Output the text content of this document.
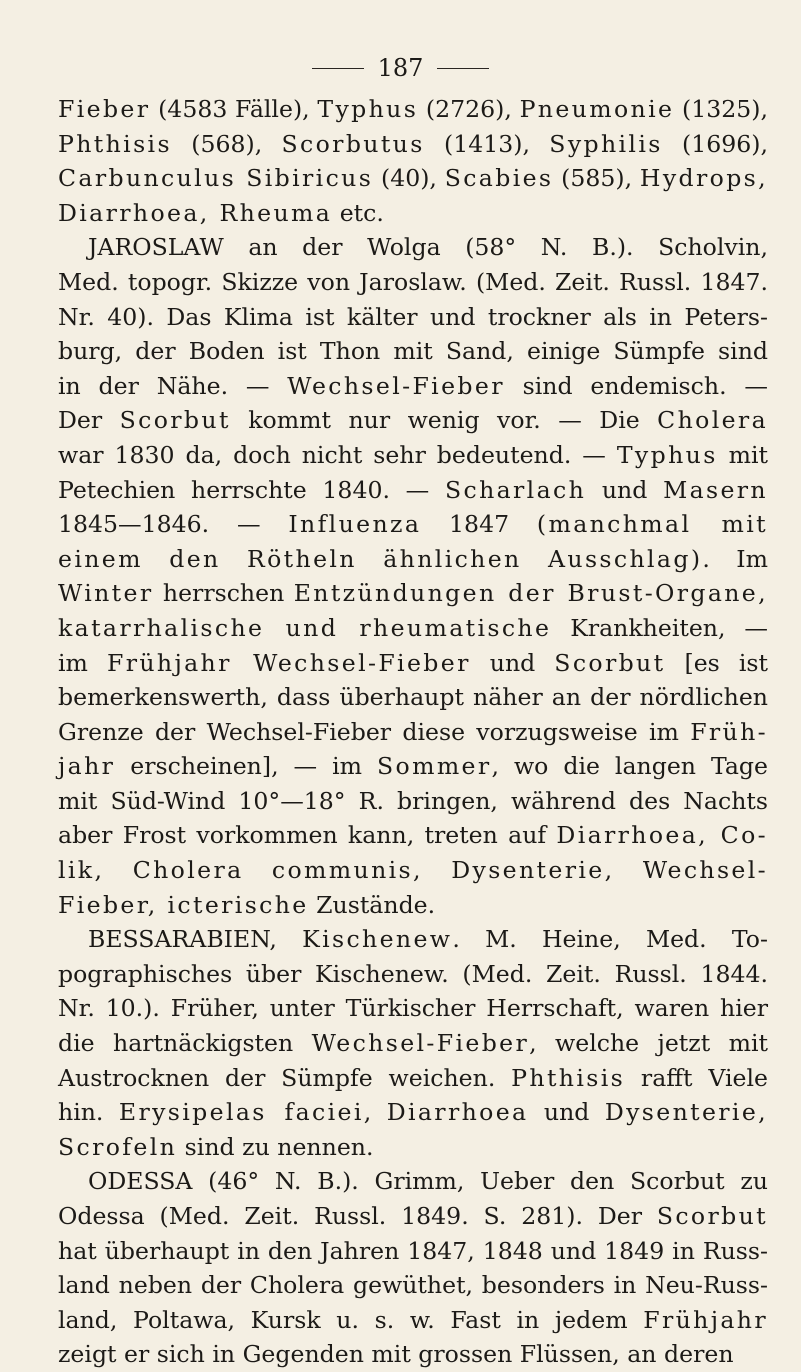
187
Fieber (4583 Fälle), Typhus (2726), Pneumonie (1325),
Phthisis (568), Scorbutus (1413), Syphilis (1696),
Carbunculus Sibiricus (40), Scabies (585), Hydrops,
Diarrhoea, Rheuma etc.
JAROSLAW an der Wolga (58° N. B.). Scholvin,
Med. topogr. Skizze von Jaroslaw. (Med. Zeit. Russl. 1847.
Nr. 40). Das Klima ist kälter und trockner als in Peters-
burg, der Boden ist Thon mit Sand, einige Sümpfe sind
in der Nähe. — Wechsel-Fieber sind endemisch. —
Der Scorbut kommt nur wenig vor. — Die Cholera
war 1830 da, doch nicht sehr bedeutend. — Typhus mit
Petechien herrschte 1840. — Scharlach und Masern
1845—1846. — Influenza 1847 (manchmal mit
einem den Rötheln ähnlichen Ausschlag). Im
Winter herrschen Entzündungen der Brust-Organe,
katarrhalische und rheumatische Krankheiten, —
im Frühjahr Wechsel-Fieber und Scorbut [es ist
bemerkenswerth, dass überhaupt näher an der nördlichen
Grenze der Wechsel-Fieber diese vorzugsweise im Früh-
jahr erscheinen], — im Sommer, wo die langen Tage
mit Süd-Wind 10°—18° R. bringen, während des Nachts
aber Frost vorkommen kann, treten auf Diarrhoea, Co-
lik, Cholera communis, Dysenterie, Wechsel-
Fieber, icterische Zustände.
BESSARABIEN, Kischenew. M. Heine, Med. To-
pographisches über Kischenew. (Med. Zeit. Russl. 1844.
Nr. 10.). Früher, unter Türkischer Herrschaft, waren hier
die hartnäckigsten Wechsel-Fieber, welche jetzt mit
Austrocknen der Sümpfe weichen. Phthisis rafft Viele
hin. Erysipelas faciei, Diarrhoea und Dysenterie,
Scrofeln sind zu nennen.
ODESSA (46° N. B.). Grimm, Ueber den Scorbut zu
Odessa (Med. Zeit. Russl. 1849. S. 281). Der Scorbut
hat überhaupt in den Jahren 1847, 1848 und 1849 in Russ-
land neben der Cholera gewüthet, besonders in Neu-Russ-
land, Poltawa, Kursk u. s. w. Fast in jedem Frühjahr
zeigt er sich in Gegenden mit grossen Flüssen, an deren
